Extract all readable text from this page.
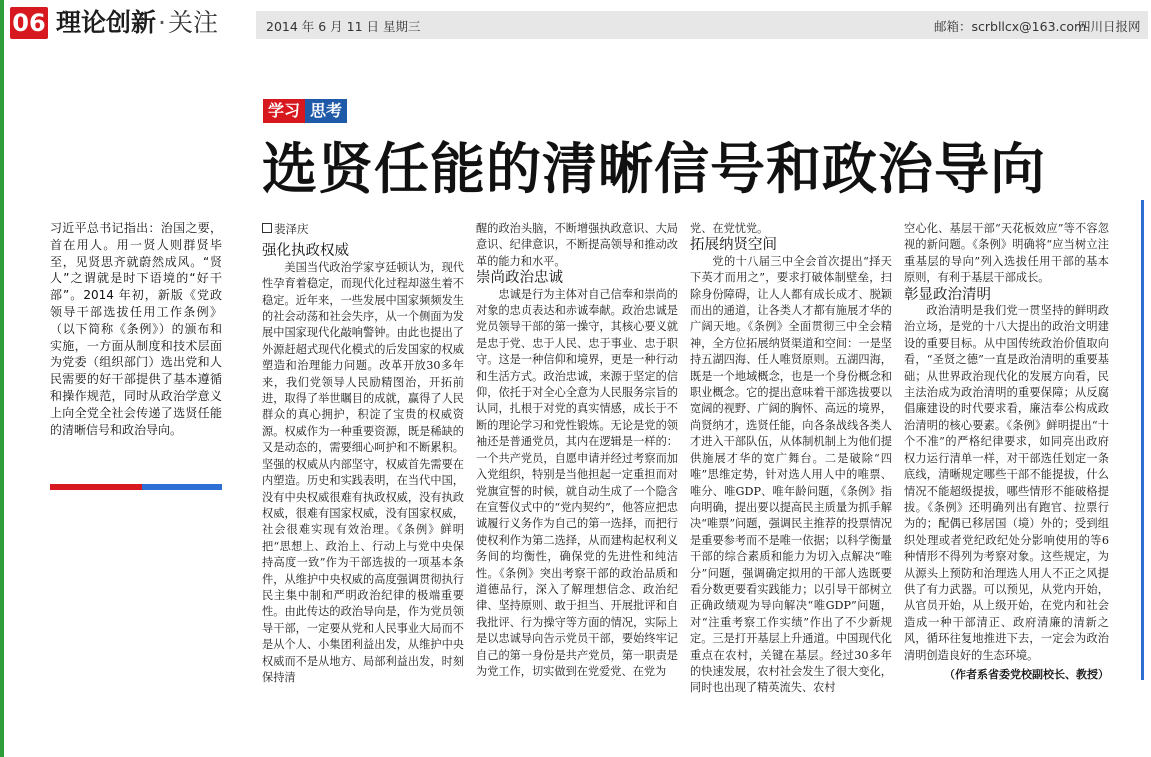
06 理论创新·关注	2014 年 6 月 11 日 星期三	邮箱：scrbllcx@163.com
四川日报网
学习 思考
选贤任能的清晰信号和政治导向
习近平总书记指出：治国之要，首在用人。用一贤人则群贤毕至，见贤思齐就蔚然成风。“贤人”之谓就是时下语境的“好干部”。2014 年初，新版《党政领导干部选拔任用工作条例》（以下简称《条例》）的颁布和实施，一方面从制度和技术层面为党委（组织部门）选出党和人民需要的好干部提供了基本遵循和操作规范，同时从政治学意义上向全党全社会传递了选贤任能的清晰信号和政治导向。
裴泽庆
强化执政权威

美国当代政治学家亨廷顿认为，现代性孕育着稳定，而现代化过程却滋生着不稳定。近年来，一些发展中国家频频发生的社会动荡和社会失序，从一个侧面为发展中国家现代化敲响警钟。由此也提出了外源赶超式现代化模式的后发国家的权威塑造和治理能力问题。改革开放30多年来，我们党领导人民励精图治，开拓前进，取得了举世瞩目的成就，赢得了人民群众的真心拥护，积淀了宝贵的权威资源。权威作为一种重要资源，既是稀缺的又是动态的，需要细心呵护和不断累积。坚强的权威从内部坚守，权威首先需要在内塑造。历史和实践表明，在当代中国，没有中央权威很难有执政权威，没有执政权威，很难有国家权威，没有国家权威，社会很难实现有效治理。《条例》鲜明把“思想上、政治上、行动上与党中央保持高度一致”作为干部选拔的一项基本条件，从维护中央权威的高度强调贯彻执行民主集中制和严明政治纪律的极端重要性。由此传达的政治导向是，作为党员领导干部，一定要从党和人民事业大局而不是从个人、小集团利益出发，从维护中央权威而不是从地方、局部利益出发，时刻保持清

醒的政治头脑，不断增强执政意识、大局意识、纪律意识，不断提高领导和推动改革的能力和水平。

崇尚政治忠诚

忠诚是行为主体对自己信奉和崇尚的对象的忠贞表达和赤诚奉献。政治忠诚是党员领导干部的第一操守，其核心要义就是忠于党、忠于人民、忠于事业、忠于职守。这是一种信仰和境界，更是一种行动和生活方式。政治忠诚，来源于坚定的信仰，依托于对全心全意为人民服务宗旨的认同，扎根于对党的真实情感，成长于不断的理论学习和党性锻炼。无论是党的领袖还是普通党员，其内在逻辑是一样的：一个共产党员，自愿申请并经过考察而加入党组织，特别是当他担起一定重担而对党旗宣誓的时候，就自动生成了一个隐含在宣誓仪式中的“党内契约”，他答应把忠诚履行义务作为自己的第一选择，而把行使权利作为第二选择，从而建构起权利义务间的均衡性，确保党的先进性和纯洁性。《条例》突出考察干部的政治品质和道德品行，深入了解理想信念、政治纪律、坚持原则、敢于担当、开展批评和自我批评、行为操守等方面的情况，实际上是以忠诚导向告示党员干部，要始终牢记自己的第一身份是共产党员，第一职责是为党工作，切实做到在党爱党、在党为

党、在党忧党。

拓展纳贤空间

党的十八届三中全会首次提出“择天下英才而用之”，要求打破体制壁垒，扫除身份障碍，让人人都有成长成才、脱颖而出的通道，让各类人才都有施展才华的广阔天地。《条例》全面贯彻三中全会精神，全方位拓展纳贤渠道和空间：一是坚持五湖四海、任人唯贤原则。五湖四海，既是一个地域概念，也是一个身份概念和职业概念。它的提出意味着干部选拔要以宽阔的视野、广阔的胸怀、高远的境界，尚贤纳才，选贤任能，向各条战线各类人才进入干部队伍，从体制机制上为他们提供施展才华的宽广舞台。二是破除“四唯”思维定势，针对选人用人中的唯票、唯分、唯GDP、唯年龄问题，《条例》指向明确，提出要以提高民主质量为抓手解决“唯票”问题，强调民主推荐的投票情况是重要参考而不是唯一依据；以科学衡量干部的综合素质和能力为切入点解决“唯分”问题，强调确定拟用的干部人选既要看分数更要看实践能力；以引导干部树立正确政绩观为导向解决“唯GDP”问题，对“注重考察工作实绩”作出了不少新规定。三是打开基层上升通道。中国现代化重点在农村，关键在基层。经过30多年的快速发展，农村社会发生了很大变化，同时也出现了精英流失、农村

空心化、基层干部“天花板效应”等不容忽视的新问题。《条例》明确将“应当树立注重基层的导向”列入选拔任用干部的基本原则，有利于基层干部成长。

彰显政治清明

政治清明是我们党一贯坚持的鲜明政治立场，是党的十八大提出的政治文明建设的重要目标。从中国传统政治价值取向看，“圣贤之德”一直是政治清明的重要基础；从世界政治现代化的发展方向看，民主法治成为政治清明的重要保障；从反腐倡廉建设的时代要求看，廉洁奉公构成政治清明的核心要素。《条例》鲜明提出“十个不准”的严格纪律要求，如同亮出政府权力运行清单一样，对干部选任划定一条底线，清晰规定哪些干部不能提拔，什么情况不能超级提拔，哪些情形不能破格提拔。《条例》还明确列出有跑官、拉票行为的；配偶已移居国（境）外的；受到组织处理或者党纪政纪处分影响使用的等6种情形不得列为考察对象。这些规定，为从源头上预防和治理选人用人不正之风提供了有力武器。可以预见，从党内开始，从官员开始，从上级开始，在党内和社会造成一种干部清正、政府清廉的清新之风，循环往复地推进下去，一定会为政治清明创造良好的生态环境。

（作者系省委党校副校长、教授）
